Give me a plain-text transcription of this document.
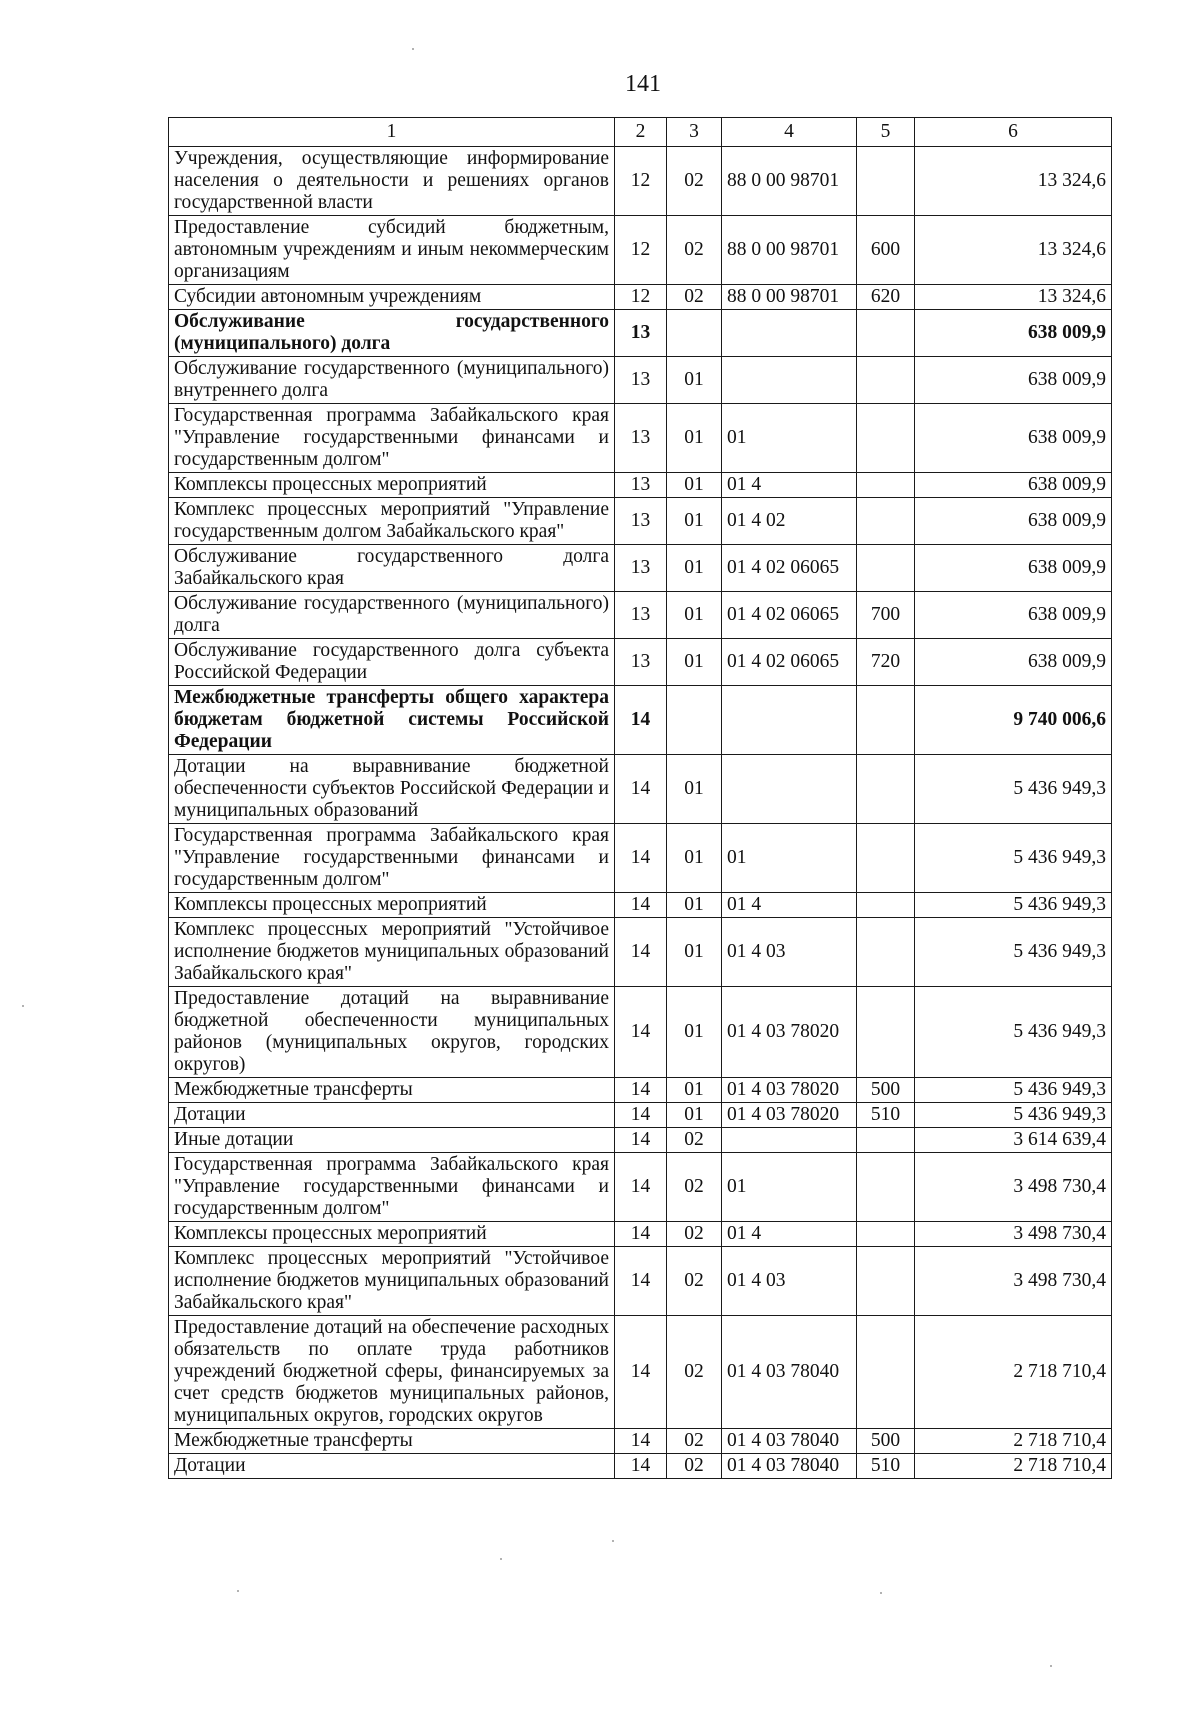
141
1	2	3	4	5	6
Учреждения, осуществляющие информирование населения о деятельности и решениях органов государственной власти	12	02	88 0 00 98701		13 324,6
Предоставление субсидий бюджетным, автономным учреждениям и иным некоммерческим организациям	12	02	88 0 00 98701	600	13 324,6
Субсидии автономным учреждениям	12	02	88 0 00 98701	620	13 324,6
Обслуживание государственного (муниципального) долга	13				638 009,9
Обслуживание государственного (муниципального) внутреннего долга	13	01			638 009,9
Государственная программа Забайкальского края "Управление государственными финансами и государственным долгом"	13	01	01		638 009,9
Комплексы процессных мероприятий	13	01	01 4		638 009,9
Комплекс процессных мероприятий "Управление государственным долгом Забайкальского края"	13	01	01 4 02		638 009,9
Обслуживание государственного долга Забайкальского края	13	01	01 4 02 06065		638 009,9
Обслуживание государственного (муниципального) долга	13	01	01 4 02 06065	700	638 009,9
Обслуживание государственного долга субъекта Российской Федерации	13	01	01 4 02 06065	720	638 009,9
Межбюджетные трансферты общего характера бюджетам бюджетной системы Российской Федерации	14				9 740 006,6
Дотации на выравнивание бюджетной обеспеченности субъектов Российской Федерации и муниципальных образований	14	01			5 436 949,3
Государственная программа Забайкальского края "Управление государственными финансами и государственным долгом"	14	01	01		5 436 949,3
Комплексы процессных мероприятий	14	01	01 4		5 436 949,3
Комплекс процессных мероприятий "Устойчивое исполнение бюджетов муниципальных образований Забайкальского края"	14	01	01 4 03		5 436 949,3
Предоставление дотаций на выравнивание бюджетной обеспеченности муниципальных районов (муниципальных округов, городских округов)	14	01	01 4 03 78020		5 436 949,3
Межбюджетные трансферты	14	01	01 4 03 78020	500	5 436 949,3
Дотации	14	01	01 4 03 78020	510	5 436 949,3
Иные дотации	14	02			3 614 639,4
Государственная программа Забайкальского края "Управление государственными финансами и государственным долгом"	14	02	01		3 498 730,4
Комплексы процессных мероприятий	14	02	01 4		3 498 730,4
Комплекс процессных мероприятий "Устойчивое исполнение бюджетов муниципальных образований Забайкальского края"	14	02	01 4 03		3 498 730,4
Предоставление дотаций на обеспечение расходных обязательств по оплате труда работников учреждений бюджетной сферы, финансируемых за счет средств бюджетов муниципальных районов, муниципальных округов, городских округов	14	02	01 4 03 78040		2 718 710,4
Межбюджетные трансферты	14	02	01 4 03 78040	500	2 718 710,4
Дотации	14	02	01 4 03 78040	510	2 718 710,4
